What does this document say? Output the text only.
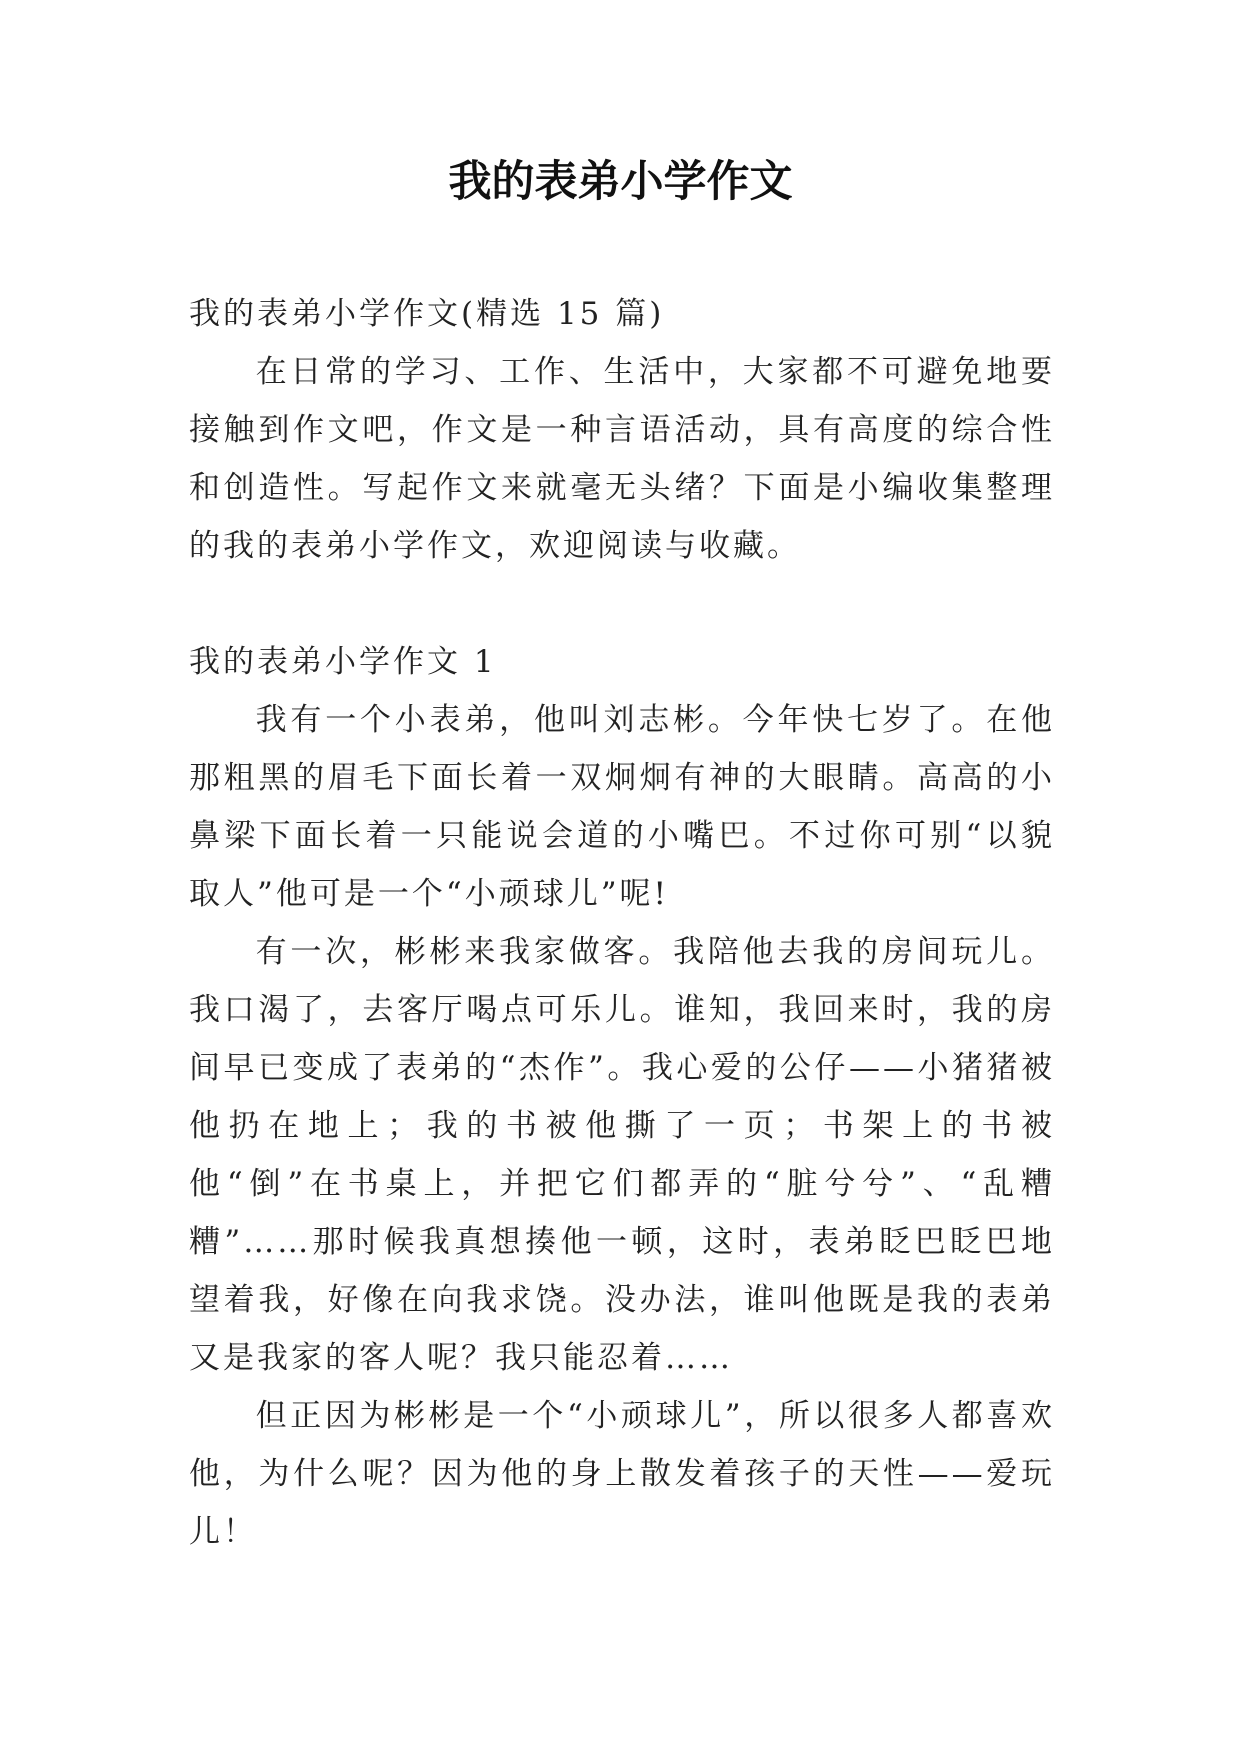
我的表弟小学作文

我的表弟小学作文(精选 15 篇)

在日常的学习、工作、生活中，大家都不可避免地要接触到作文吧，作文是一种言语活动，具有高度的综合性和创造性。写起作文来就毫无头绪？下面是小编收集整理的我的表弟小学作文，欢迎阅读与收藏。

我的表弟小学作文 1

我有一个小表弟，他叫刘志彬。今年快七岁了。在他那粗黑的眉毛下面长着一双炯炯有神的大眼睛。高高的小鼻梁下面长着一只能说会道的小嘴巴。不过你可别“以貌取人”他可是一个“小顽球儿”呢!

有一次，彬彬来我家做客。我陪他去我的房间玩儿。我口渴了，去客厅喝点可乐儿。谁知，我回来时，我的房间早已变成了表弟的“杰作”。我心爱的公仔——小猪猪被他扔在地上；我的书被他撕了一页；书架上的书被他“倒”在书桌上，并把它们都弄的“脏兮兮”、“乱糟糟”……那时候我真想揍他一顿，这时，表弟眨巴眨巴地望着我，好像在向我求饶。没办法，谁叫他既是我的表弟又是我家的客人呢？我只能忍着……

但正因为彬彬是一个“小顽球儿”，所以很多人都喜欢他，为什么呢？因为他的身上散发着孩子的天性——爱玩儿！
